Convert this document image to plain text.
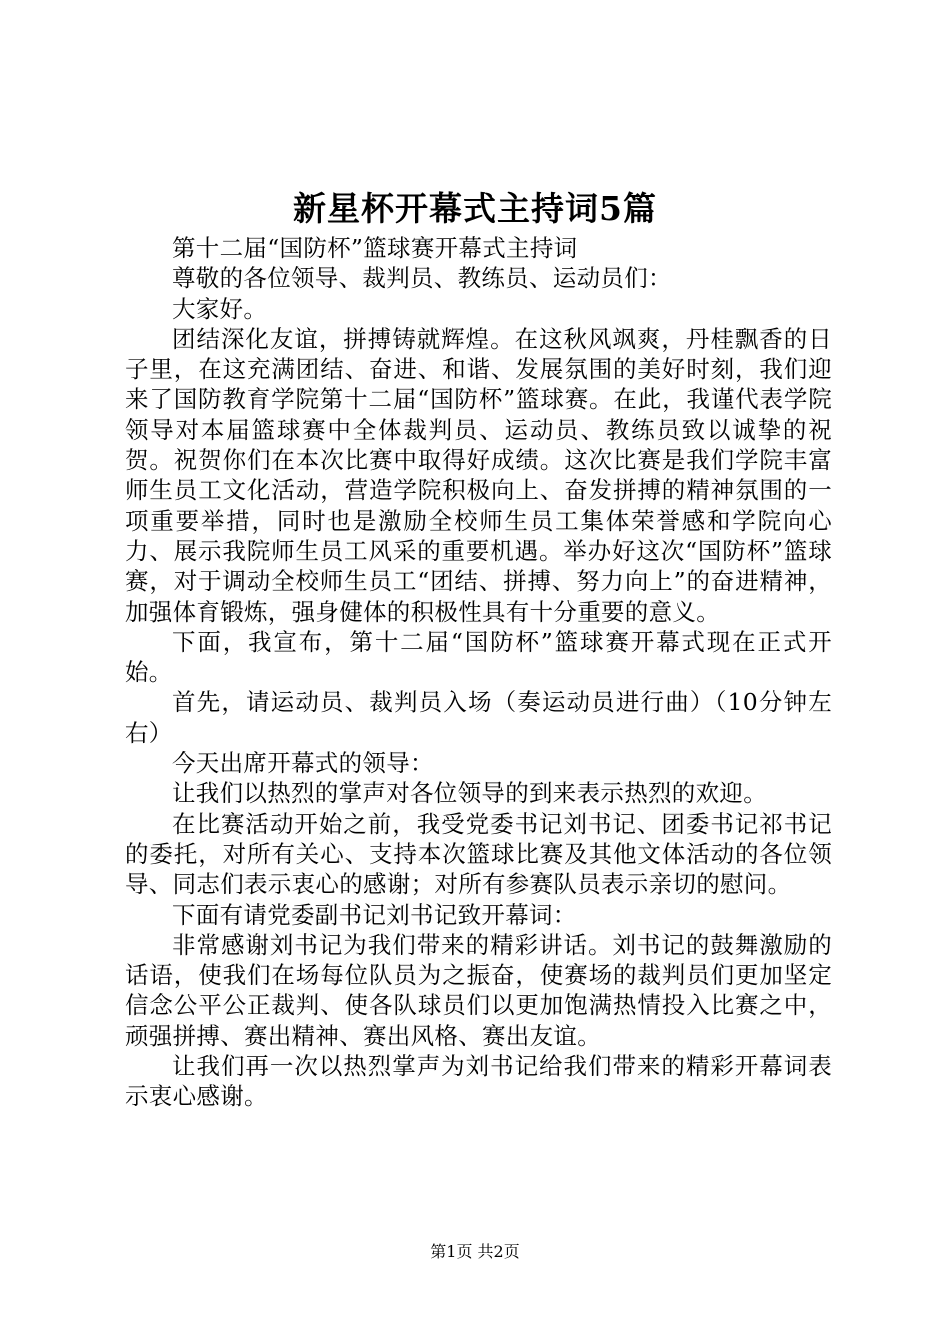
新星杯开幕式主持词5篇

第十二届“国防杯”篮球赛开幕式主持词

尊敬的各位领导、裁判员、教练员、运动员们：

大家好。

团结深化友谊，拼搏铸就辉煌。在这秋风飒爽，丹桂飘香的日子里，在这充满团结、奋进、和谐、发展氛围的美好时刻，我们迎来了国防教育学院第十二届“国防杯”篮球赛。在此，我谨代表学院领导对本届篮球赛中全体裁判员、运动员、教练员致以诚挚的祝贺。祝贺你们在本次比赛中取得好成绩。这次比赛是我们学院丰富师生员工文化活动，营造学院积极向上、奋发拼搏的精神氛围的一项重要举措，同时也是激励全校师生员工集体荣誉感和学院向心力、展示我院师生员工风采的重要机遇。举办好这次“国防杯”篮球赛，对于调动全校师生员工“团结、拼搏、努力向上”的奋进精神，加强体育锻炼，强身健体的积极性具有十分重要的意义。

下面，我宣布，第十二届“国防杯”篮球赛开幕式现在正式开始。

首先，请运动员、裁判员入场（奏运动员进行曲）（10分钟左右）

今天出席开幕式的领导：

让我们以热烈的掌声对各位领导的到来表示热烈的欢迎。

在比赛活动开始之前，我受党委书记刘书记、团委书记祁书记的委托，对所有关心、支持本次篮球比赛及其他文体活动的各位领导、同志们表示衷心的感谢；对所有参赛队员表示亲切的慰问。

下面有请党委副书记刘书记致开幕词：

非常感谢刘书记为我们带来的精彩讲话。刘书记的鼓舞激励的话语，使我们在场每位队员为之振奋，使赛场的裁判员们更加坚定信念公平公正裁判、使各队球员们以更加饱满热情投入比赛之中，顽强拼搏、赛出精神、赛出风格、赛出友谊。

让我们再一次以热烈掌声为刘书记给我们带来的精彩开幕词表示衷心感谢。

第1页 共2页
